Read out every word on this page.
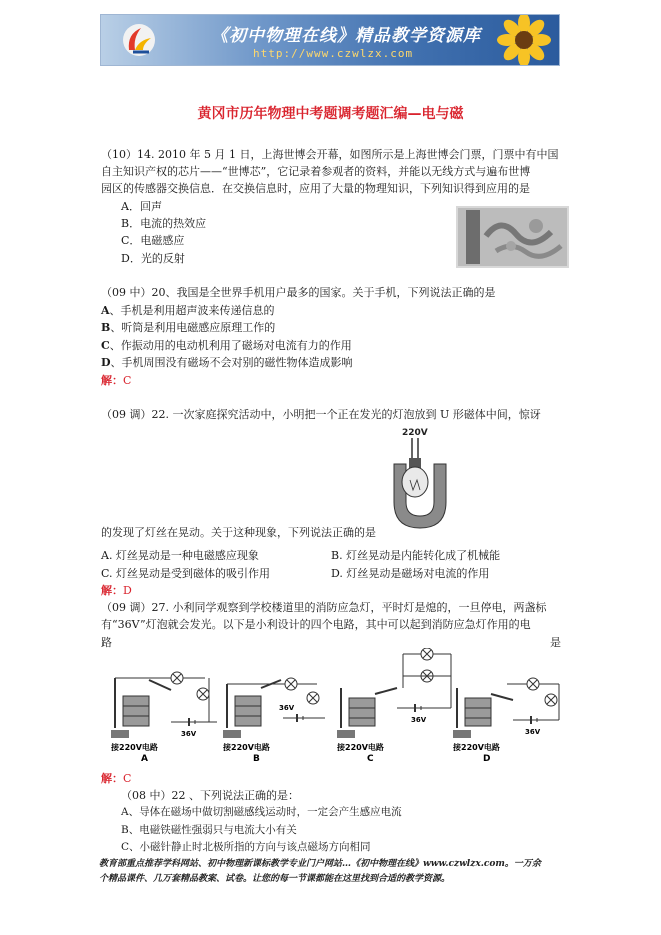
《初中物理在线》精品教学资源库
http://www.czwlzx.com
黄冈市历年物理中考题调考题汇编—电与磁
（10）14. 2010 年 5 月 1 日，上海世博会开幕，如图所示是上海世博会门票，门票中有中国
自主知识产权的芯片——“世博芯”，它记录着参观者的资料，并能以无线方式与遍布世博
园区的传感器交换信息．在交换信息时，应用了大量的物理知识，下列知识得到应用的是
A．回声
B．电流的热效应
C．电磁感应
D．光的反射
（09 中）20、我国是全世界手机用户最多的国家。关于手机，下列说法正确的是
A、手机是利用超声波来传递信息的
B、听筒是利用电磁感应原理工作的
C、作振动用的电动机利用了磁场对电流有力的作用
D、手机周围没有磁场不会对别的磁性物体造成影响
解：C
（09 调）22. 一次家庭探究活动中，小明把一个正在发光的灯泡放到 U 形磁体中间，惊讶
220V
的发现了灯丝在晃动。关于这种现象，下列说法正确的是
A. 灯丝晃动是一种电磁感应现象	B. 灯丝晃动是内能转化成了机械能
C. 灯丝晃动是受到磁体的吸引作用	D. 灯丝晃动是磁场对电流的作用
解：D
（09 调）27. 小利同学观察到学校楼道里的消防应急灯，平时灯是熄的，一旦停电，两盏标
有“36V”灯泡就会发光。以下是小利设计的四个电路，其中可以起到消防应急灯作用的电
路	是
36V
接220V电路
A
36V
接220V电路
B
36V
接220V电路
C
36V
接220V电路
D
解：C
（08 中）22 、下列说法正确的是：
A、导体在磁场中做切割磁感线运动时，一定会产生感应电流
B、电磁铁磁性强弱只与电流大小有关
C、小磁针静止时北极所指的方向与该点磁场方向相同
教育部重点推荐学科网站、初中物理新课标教学专业门户网站…《初中物理在线》www.czwlzx.com。一万余
个精品课件、几万套精品教案、试卷。让您的每一节课都能在这里找到合适的教学资源。
